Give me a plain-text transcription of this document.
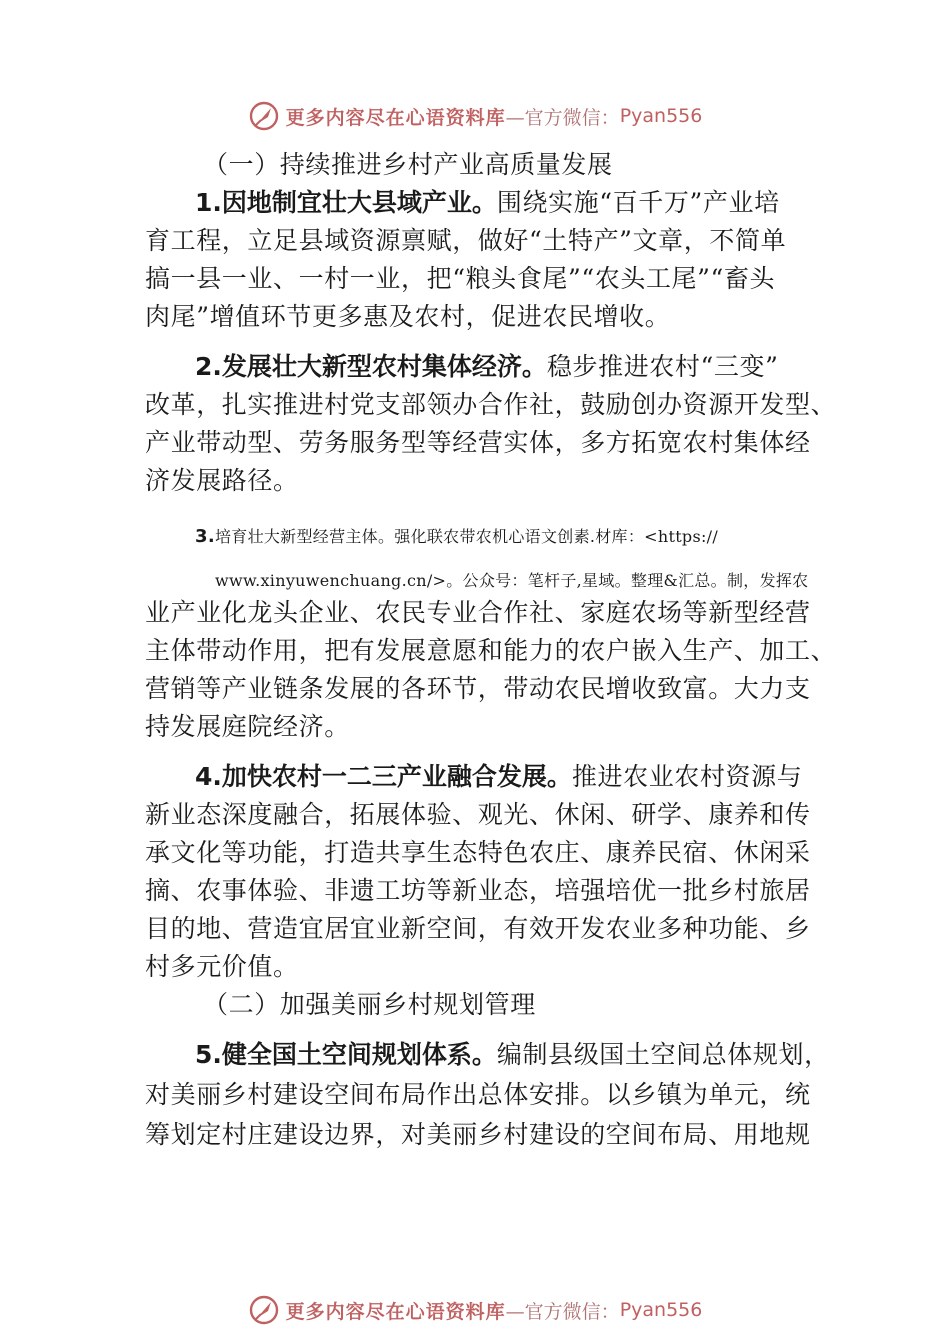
更多内容尽在心语资料库 —官方微信： Pyan556
（一）持续推进乡村产业高质量发展
1.因地制宜壮大县域产业。围绕实施“百千万”产业培
育工程，立足县域资源禀赋，做好“土特产”文章，不简单
搞一县一业、一村一业，把“粮头食尾”“农头工尾”“畜头
肉尾”增值环节更多惠及农村，促进农民增收。
2.发展壮大新型农村集体经济。稳步推进农村“三变”
改革，扎实推进村党支部领办合作社，鼓励创办资源开发型、
产业带动型、劳务服务型等经营实体，多方拓宽农村集体经
济发展路径。
3.培育壮大新型经营主体。强化联农带农机心语文创素.材库：<https://
www.xinyuwenchuang.cn/>。公众号：笔杆子,星域。整理&汇总。制，发挥农
业产业化龙头企业、农民专业合作社、家庭农场等新型经营
主体带动作用，把有发展意愿和能力的农户嵌入生产、加工、
营销等产业链条发展的各环节，带动农民增收致富。大力支
持发展庭院经济。
4.加快农村一二三产业融合发展。推进农业农村资源与
新业态深度融合，拓展体验、观光、休闲、研学、康养和传
承文化等功能，打造共享生态特色农庄、康养民宿、休闲采
摘、农事体验、非遗工坊等新业态，培强培优一批乡村旅居
目的地、营造宜居宜业新空间，有效开发农业多种功能、乡
村多元价值。
（二）加强美丽乡村规划管理
5.健全国土空间规划体系。编制县级国土空间总体规划，
对美丽乡村建设空间布局作出总体安排。以乡镇为单元，统
筹划定村庄建设边界，对美丽乡村建设的空间布局、用地规
更多内容尽在心语资料库 —官方微信： Pyan556
